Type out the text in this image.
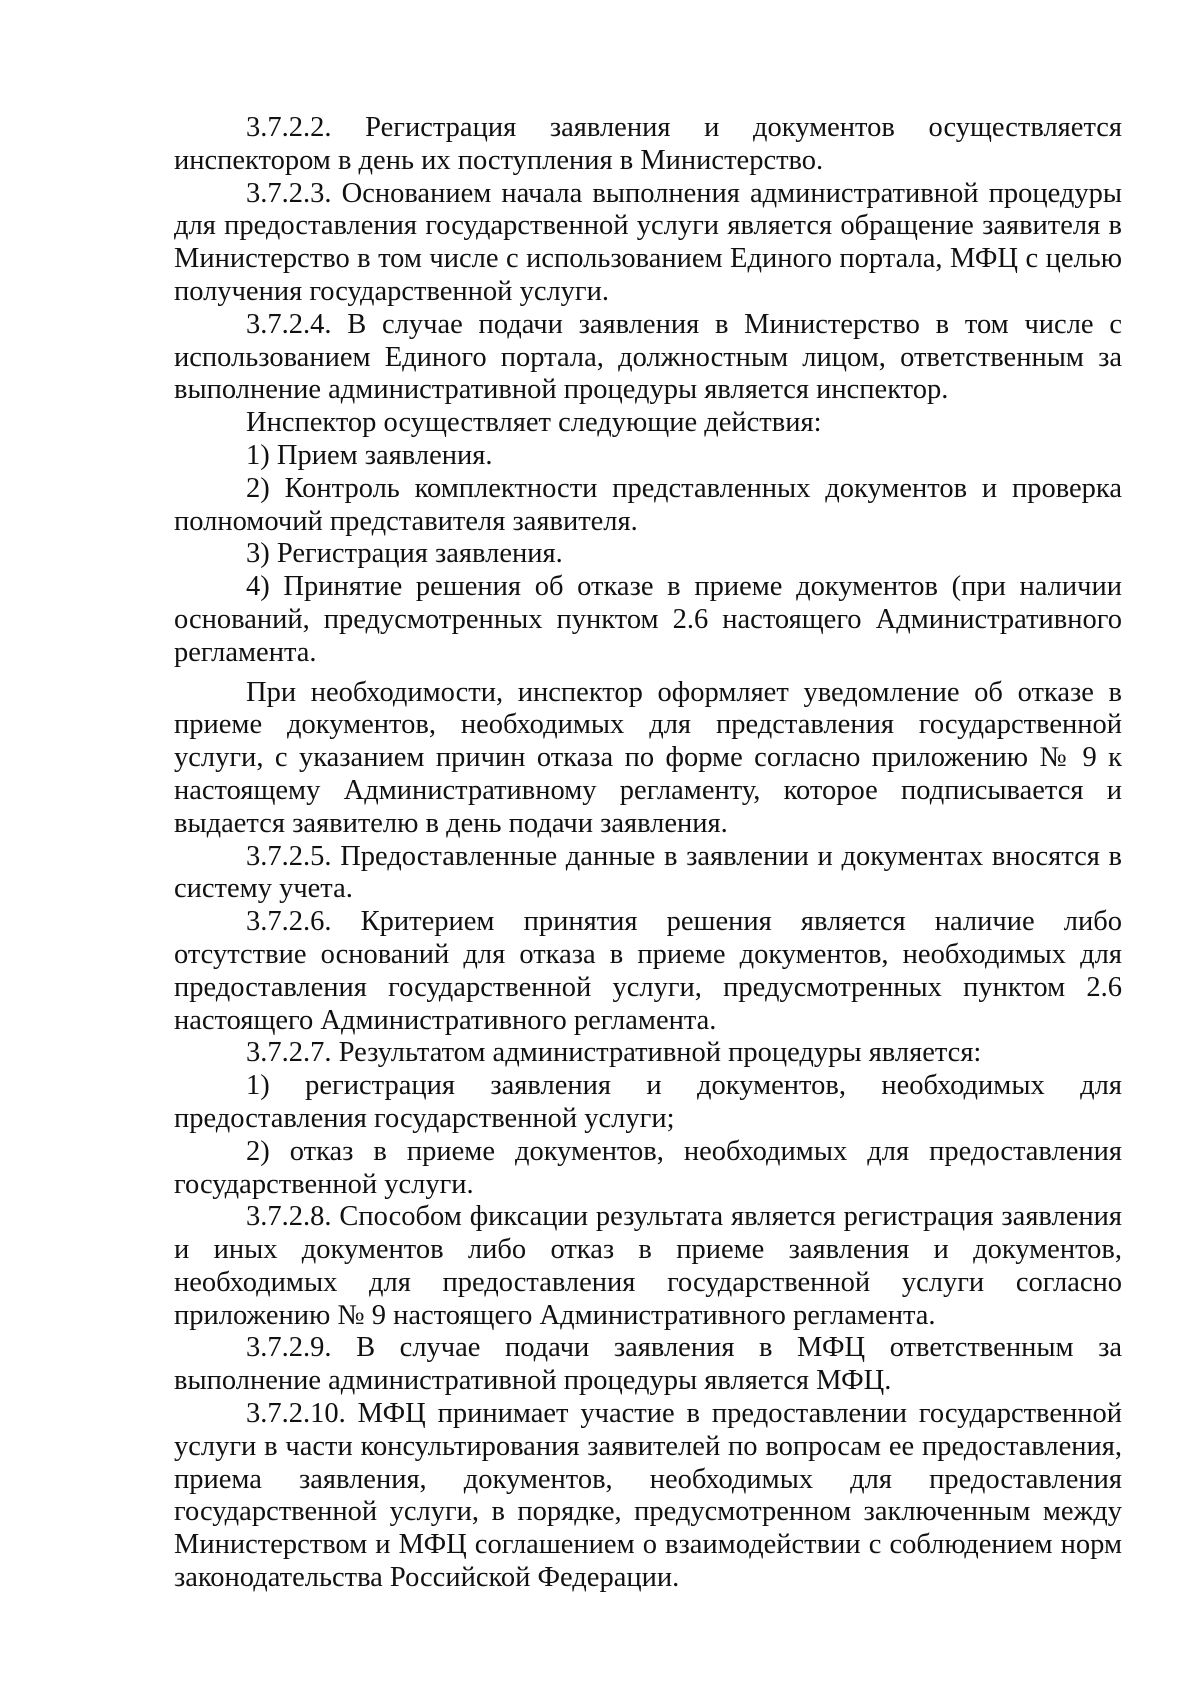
3.7.2.2. Регистрация заявления и документов осуществляется инспектором в день их поступления в Министерство.

3.7.2.3. Основанием начала выполнения административной процедуры для предоставления государственной услуги является обращение заявителя в Министерство в том числе с использованием Единого портала, МФЦ с целью получения государственной услуги.

3.7.2.4. В случае подачи заявления в Министерство в том числе с использованием Единого портала, должностным лицом, ответственным за выполнение административной процедуры является инспектор.

Инспектор осуществляет следующие действия:

1) Прием заявления.

2) Контроль комплектности представленных документов и проверка полномочий представителя заявителя.

3) Регистрация заявления.

4) Принятие решения об отказе в приеме документов (при наличии оснований, предусмотренных пунктом 2.6 настоящего Административного регламента.

При необходимости, инспектор оформляет уведомление об отказе в приеме документов, необходимых для представления государственной услуги, с указанием причин отказа по форме согласно приложению № 9 к настоящему Административному регламенту, которое подписывается и выдается заявителю в день подачи заявления.

3.7.2.5. Предоставленные данные в заявлении и документах вносятся в систему учета.

3.7.2.6. Критерием принятия решения является наличие либо отсутствие оснований для отказа в приеме документов, необходимых для предоставления государственной услуги, предусмотренных пунктом 2.6 настоящего Административного регламента.

3.7.2.7. Результатом административной процедуры является:

1) регистрация заявления и документов, необходимых для предоставления государственной услуги;

2) отказ в приеме документов, необходимых для предоставления государственной услуги.

3.7.2.8. Способом фиксации результата является регистрация заявления и иных документов либо отказ в приеме заявления и документов, необходимых для предоставления государственной услуги согласно приложению № 9 настоящего Административного регламента.

3.7.2.9. В случае подачи заявления в МФЦ ответственным за выполнение административной процедуры является МФЦ.

3.7.2.10. МФЦ принимает участие в предоставлении государственной услуги в части консультирования заявителей по вопросам ее предоставления, приема заявления, документов, необходимых для предоставления государственной услуги, в порядке, предусмотренном заключенным между Министерством и МФЦ соглашением о взаимодействии с соблюдением норм законодательства Российской Федерации.
